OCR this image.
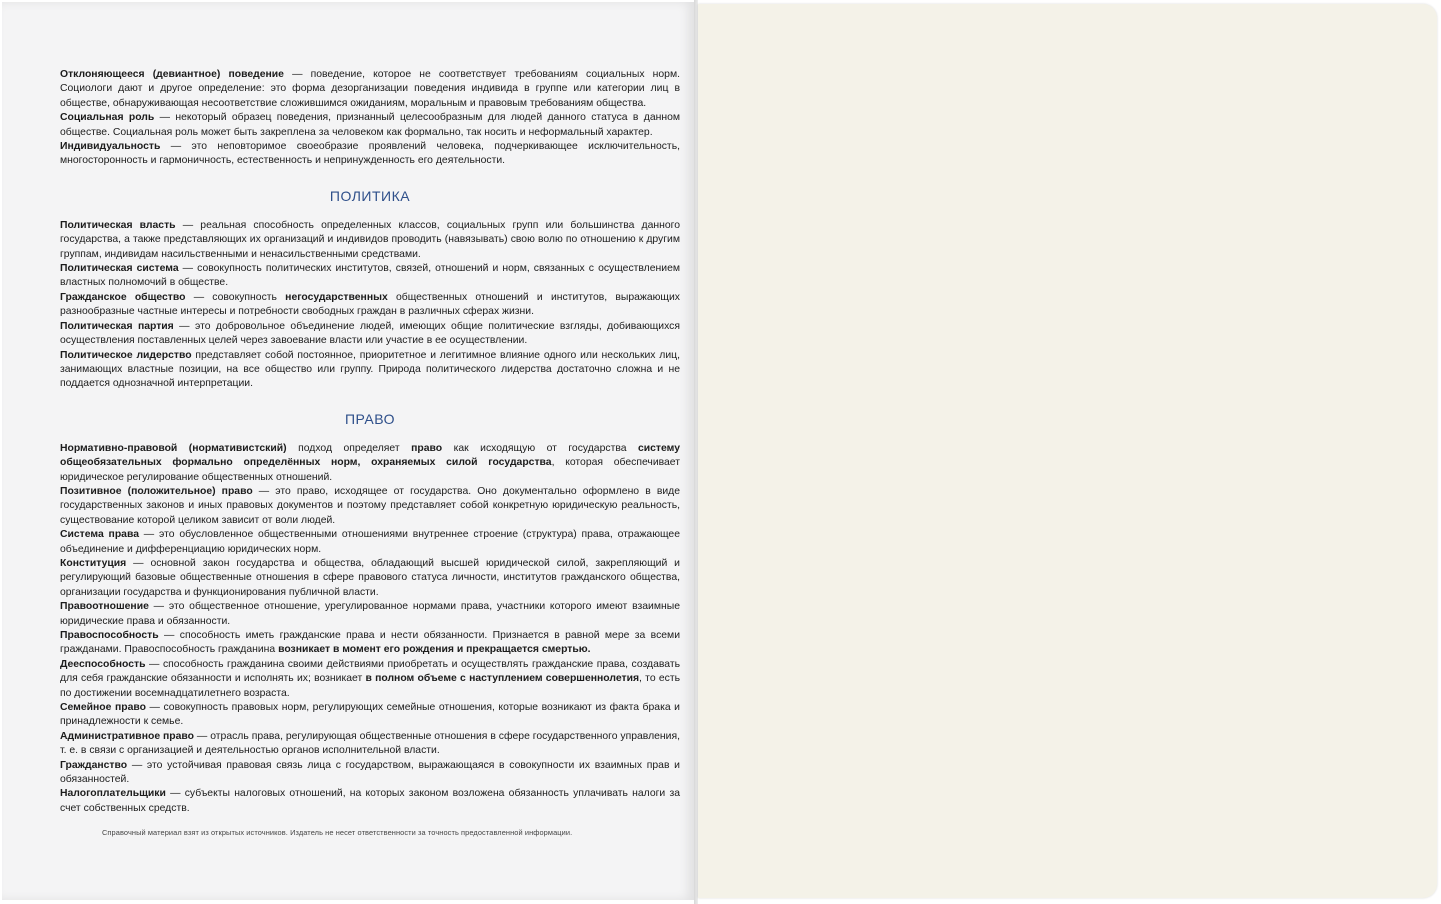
Отклоняющееся (девиантное) поведение — поведение, которое не соответствует требованиям социальных норм. Социологи дают и другое определение: это форма дезорганизации поведения индивида в группе или категории лиц в обществе, обнаруживающая несоответствие сложившимся ожиданиям, моральным и правовым требованиям общества.

Социальная роль — некоторый образец поведения, признанный целесообразным для людей данного статуса в данном обществе. Социальная роль может быть закреплена за человеком как формально, так носить и неформальный характер.

Индивидуальность — это неповторимое своеобразие проявлений человека, подчеркивающее исключительность, многосторонность и гармоничность, естественность и непринужденность его деятельности.

ПОЛИТИКА

Политическая власть — реальная способность определенных классов, социальных групп или большинства данного государства, а также представляющих их организаций и индивидов проводить (навязывать) свою волю по отношению к другим группам, индивидам насильственными и ненасильственными средствами.

Политическая система — совокупность политических институтов, связей, отношений и норм, связанных с осуществлением властных полномочий в обществе.

Гражданское общество — совокупность негосударственных общественных отношений и институтов, выражающих разнообразные частные интересы и потребности свободных граждан в различных сферах жизни.

Политическая партия — это добровольное объединение людей, имеющих общие политические взгляды, добивающихся осуществления поставленных целей через завоевание власти или участие в ее осуществлении.

Политическое лидерство представляет собой постоянное, приоритетное и легитимное влияние одного или нескольких лиц, занимающих властные позиции, на все общество или группу. Природа политического лидерства достаточно сложна и не поддается однозначной интерпретации.

ПРАВО

Нормативно-правовой (нормативистский) подход определяет право как исходящую от государства систему общеобязательных формально определённых норм, охраняемых силой государства, которая обеспечивает юридическое регулирование общественных отношений.

Позитивное (положительное) право — это право, исходящее от государства. Оно документально оформлено в виде государственных законов и иных правовых документов и поэтому представляет собой конкретную юридическую реальность, существование которой целиком зависит от воли людей.

Система права — это обусловленное общественными отношениями внутреннее строение (структура) права, отражающее объединение и дифференциацию юридических норм.

Конституция — основной закон государства и общества, обладающий высшей юридической силой, закрепляющий и регулирующий базовые общественные отношения в сфере правового статуса личности, институтов гражданского общества, организации государства и функционирования публичной власти.

Правоотношение — это общественное отношение, урегулированное нормами права, участники которого имеют взаимные юридические права и обязанности.

Правоспособность — способность иметь гражданские права и нести обязанности. Признается в равной мере за всеми гражданами. Правоспособность гражданина возникает в момент его рождения и прекращается смертью.

Дееспособность — способность гражданина своими действиями приобретать и осуществлять гражданские права, создавать для себя гражданские обязанности и исполнять их; возникает в полном объеме с наступлением совершеннолетия, то есть по достижении восемнадцатилетнего возраста.

Семейное право — совокупность правовых норм, регулирующих семейные отношения, которые возникают из факта брака и принадлежности к семье.

Административное право — отрасль права, регулирующая общественные отношения в сфере государственного управления, т. е. в связи с организацией и деятельностью органов исполнительной власти.

Гражданство — это устойчивая правовая связь лица с государством, выражающаяся в совокупности их взаимных прав и обязанностей.

Налогоплательщики — субъекты налоговых отношений, на которых законом возложена обязанность уплачивать налоги за счет собственных средств.

Справочный материал взят из открытых источников. Издатель не несет ответственности за точность предоставленной информации.
